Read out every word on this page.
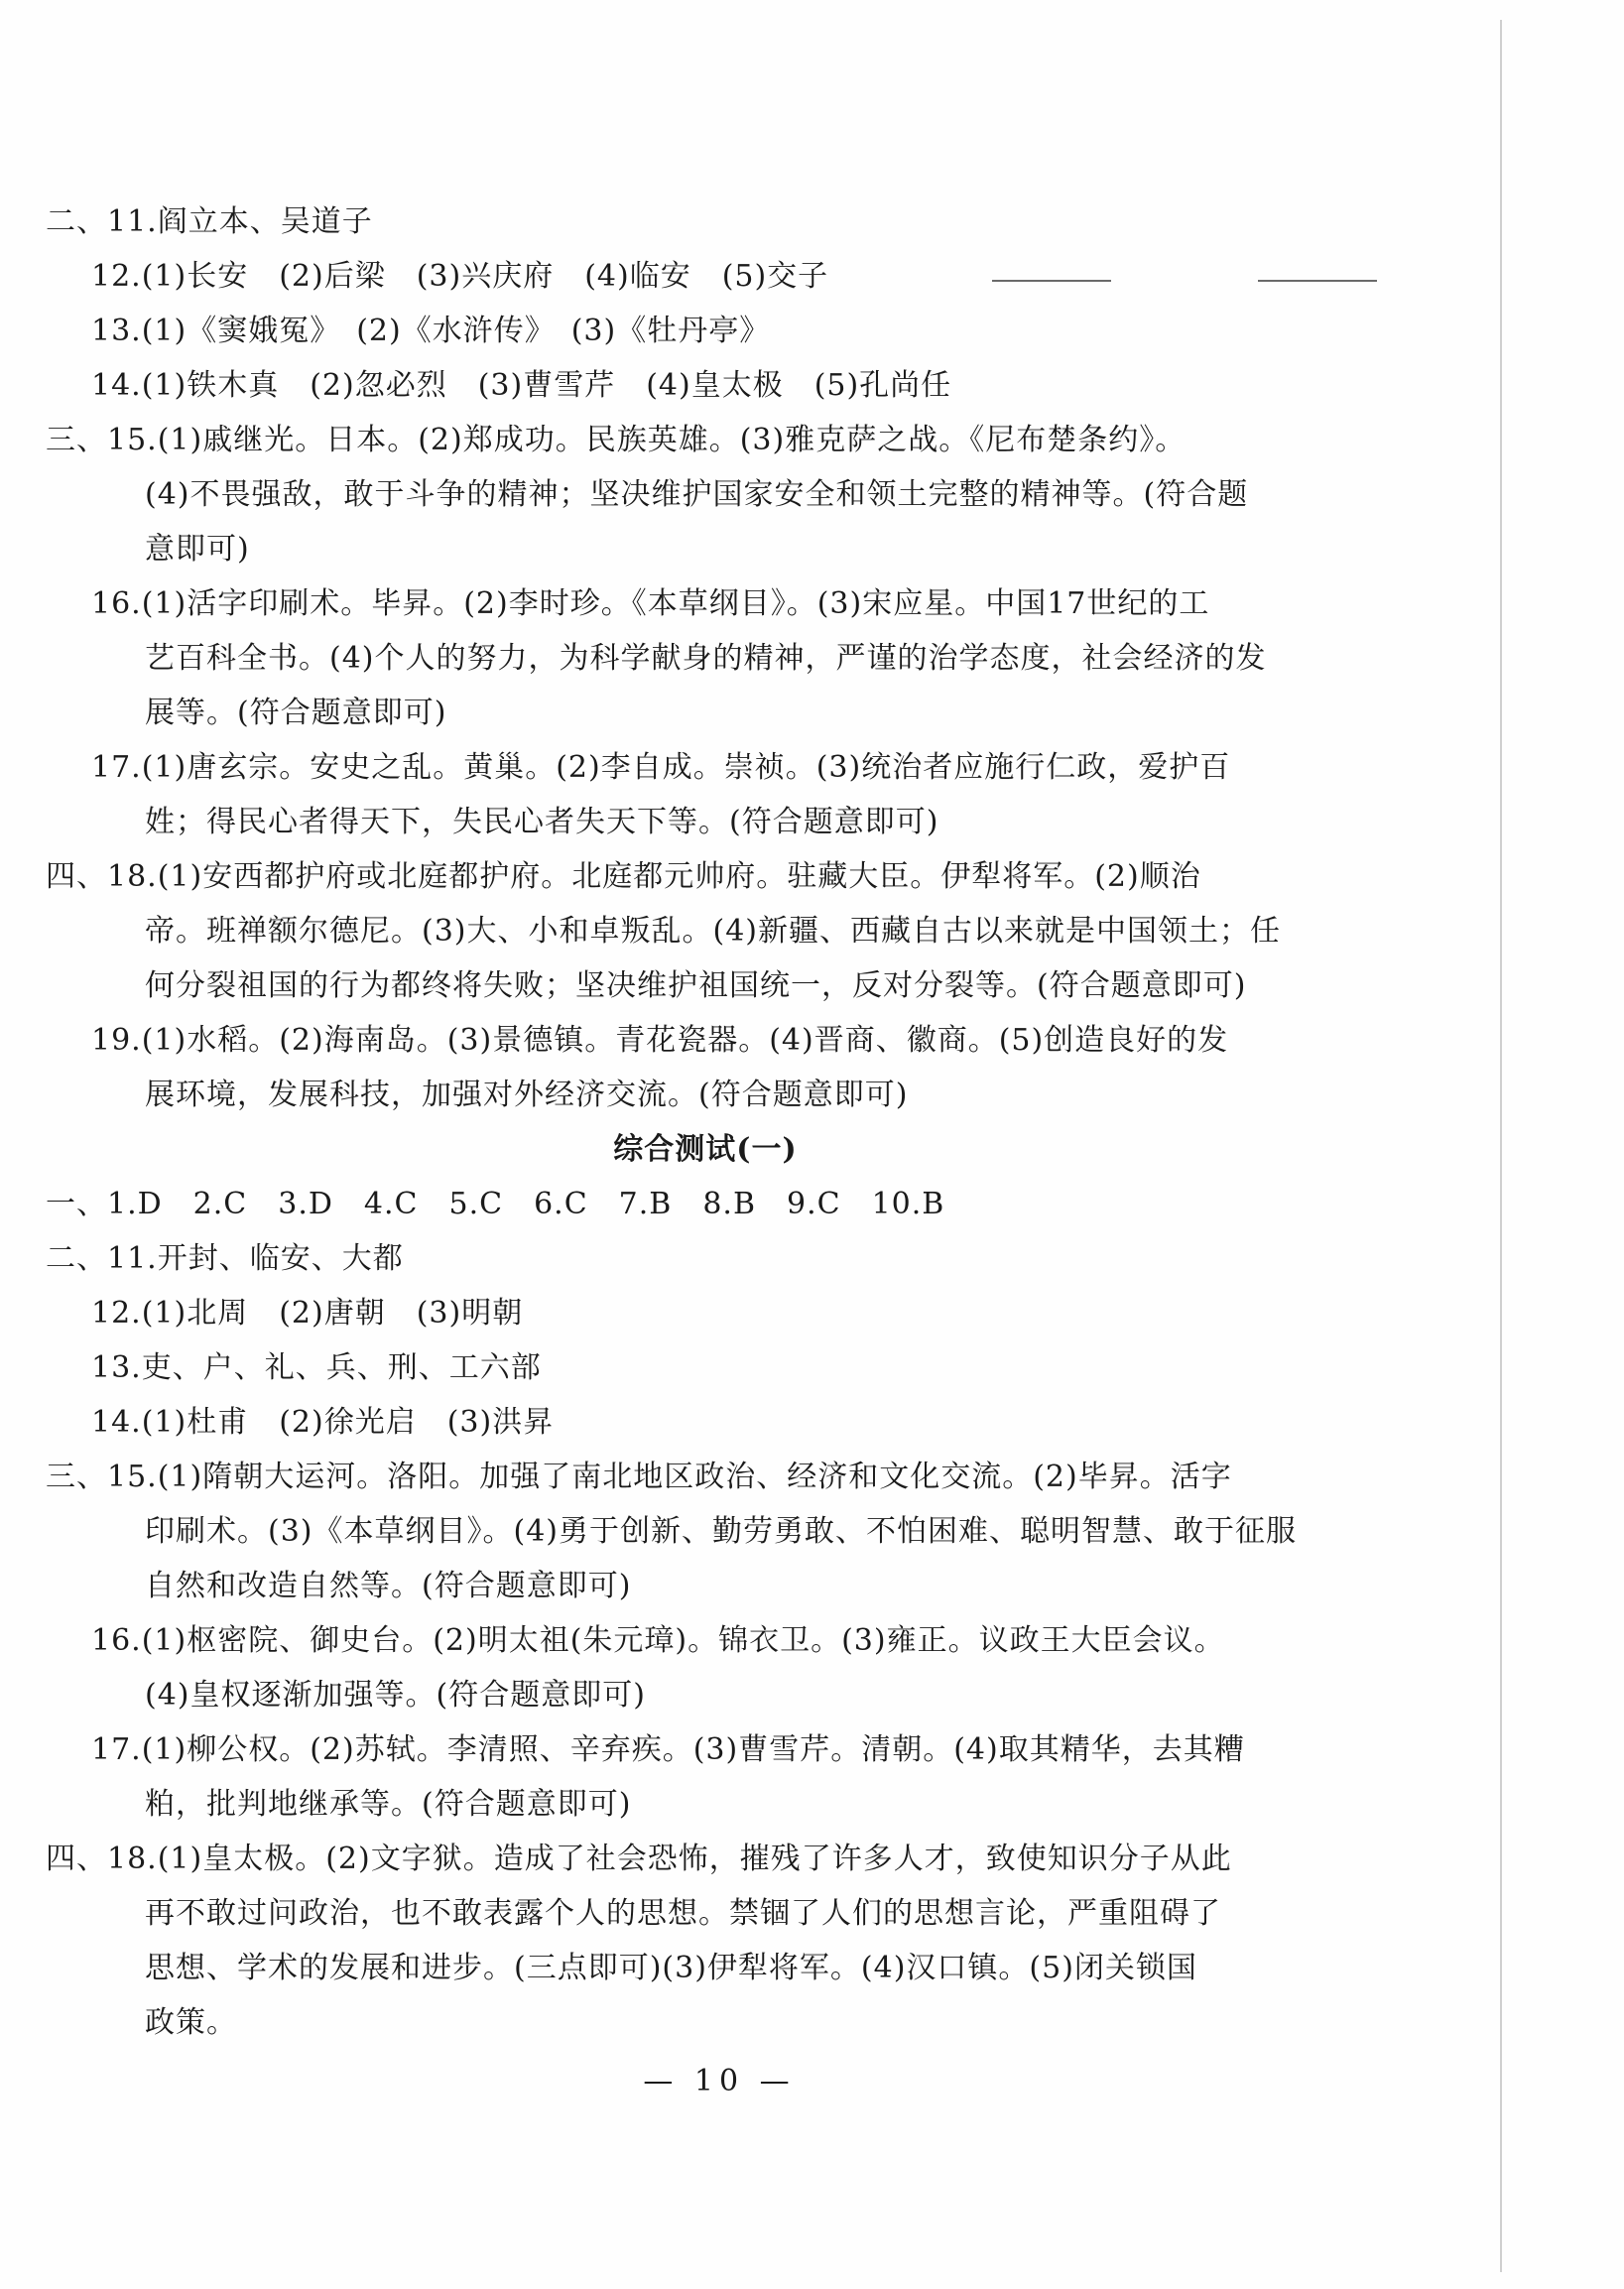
二、11.阎立本、吴道子
12.(1)长安　(2)后梁　(3)兴庆府　(4)临安　(5)交子
13.(1)《窦娥冤》　(2)《水浒传》　(3)《牡丹亭》
14.(1)铁木真　(2)忽必烈　(3)曹雪芹　(4)皇太极　(5)孔尚任
三、15.(1)戚继光。日本。(2)郑成功。民族英雄。(3)雅克萨之战。《尼布楚条约》。
(4)不畏强敌，敢于斗争的精神；坚决维护国家安全和领土完整的精神等。(符合题
意即可)
16.(1)活字印刷术。毕昇。(2)李时珍。《本草纲目》。(3)宋应星。中国17世纪的工
艺百科全书。(4)个人的努力，为科学献身的精神，严谨的治学态度，社会经济的发
展等。(符合题意即可)
17.(1)唐玄宗。安史之乱。黄巢。(2)李自成。崇祯。(3)统治者应施行仁政，爱护百
姓；得民心者得天下，失民心者失天下等。(符合题意即可)
四、18.(1)安西都护府或北庭都护府。北庭都元帅府。驻藏大臣。伊犁将军。(2)顺治
帝。班禅额尔德尼。(3)大、小和卓叛乱。(4)新疆、西藏自古以来就是中国领土；任
何分裂祖国的行为都终将失败；坚决维护祖国统一，反对分裂等。(符合题意即可)
19.(1)水稻。(2)海南岛。(3)景德镇。青花瓷器。(4)晋商、徽商。(5)创造良好的发
展环境，发展科技，加强对外经济交流。(符合题意即可)
综合测试(一)
一、1.D　2.C　3.D　4.C　5.C　6.C　7.B　8.B　9.C　10.B
二、11.开封、临安、大都
12.(1)北周　(2)唐朝　(3)明朝
13.吏、户、礼、兵、刑、工六部
14.(1)杜甫　(2)徐光启　(3)洪昇
三、15.(1)隋朝大运河。洛阳。加强了南北地区政治、经济和文化交流。(2)毕昇。活字
印刷术。(3)《本草纲目》。(4)勇于创新、勤劳勇敢、不怕困难、聪明智慧、敢于征服
自然和改造自然等。(符合题意即可)
16.(1)枢密院、御史台。(2)明太祖(朱元璋)。锦衣卫。(3)雍正。议政王大臣会议。
(4)皇权逐渐加强等。(符合题意即可)
17.(1)柳公权。(2)苏轼。李清照、辛弃疾。(3)曹雪芹。清朝。(4)取其精华，去其糟
粕，批判地继承等。(符合题意即可)
四、18.(1)皇太极。(2)文字狱。造成了社会恐怖，摧残了许多人才，致使知识分子从此
再不敢过问政治，也不敢表露个人的思想。禁锢了人们的思想言论，严重阻碍了
思想、学术的发展和进步。(三点即可)(3)伊犁将军。(4)汉口镇。(5)闭关锁国
政策。
— 10 —
